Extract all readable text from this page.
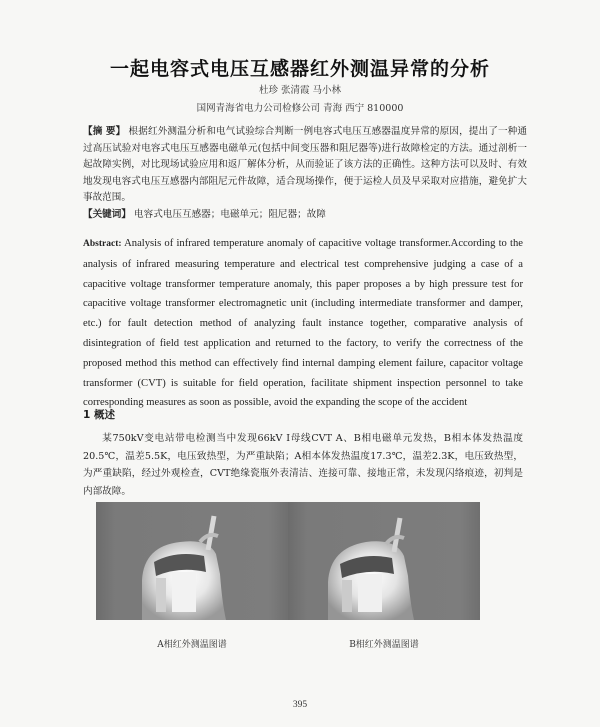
一起电容式电压互感器红外测温异常的分析
杜珍 张清霞 马小林
国网青海省电力公司检修公司 青海 西宁 810000
【摘 要】 根据红外测温分析和电气试验综合判断一例电容式电压互感器温度异常的原因，提出了一种通过高压试验对电容式电压互感器电磁单元(包括中间变压器和阻尼器等)进行故障检定的方法。通过剖析一起故障实例，对比现场试验应用和返厂解体分析，从而验证了该方法的正确性。这种方法可以及时、有效地发现电容式电压互感器内部阻尼元件故障，适合现场操作，便于运检人员及早采取对应措施，避免扩大事故范围。
【关键词】 电容式电压互感器；电磁单元；阻尼器；故障
Abstract: Analysis of infrared temperature anomaly of capacitive voltage transformer.According to the analysis of infrared measuring temperature and electrical test comprehensive judging a case of a capacitive voltage transformer temperature anomaly, this paper proposes a by high pressure test for capacitive voltage transformer electromagnetic unit (including intermediate transformer and damper, etc.) for fault detection method of analyzing fault instance together, comparative analysis of disintegration of field test application and returned to the factory, to verify the correctness of the proposed method this method can effectively find internal damping element failure, capacitor voltage transformer (CVT) is suitable for field operation, facilitate shipment inspection personnel to take corresponding measures as soon as possible, avoid the expanding the scope of the accident
1 概述
某750kV变电站带电检测当中发现66kV I母线CVT A、B相电磁单元发热，B相本体发热温度20.5℃，温差5.5K，电压致热型，为严重缺陷；A相本体发热温度17.3℃，温差2.3K，电压致热型，为严重缺陷，经过外观检查，CVT绝缘瓷瓶外表清洁、连接可靠、接地正常，未发现闪络痕迹，初判是内部故障。
A相红外测温图谱	B相红外测温图谱
395
